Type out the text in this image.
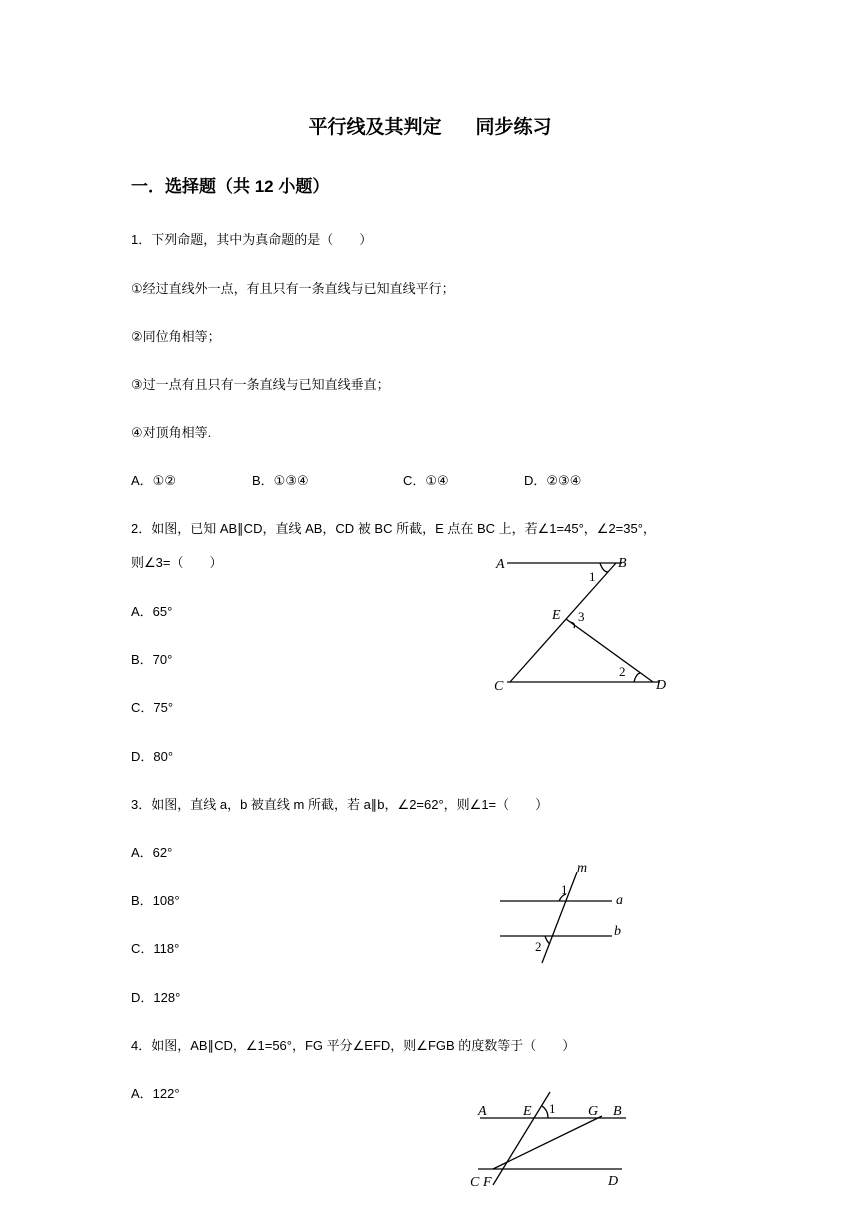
平行线及其判定 同步练习
一．选择题（共 12 小题）
1．下列命题，其中为真命题的是（　　）
①经过直线外一点，有且只有一条直线与已知直线平行；
②同位角相等；
③过一点有且只有一条直线与已知直线垂直；
④对顶角相等.
A．①②	B．①③④	C．①④	D．②③④
2．如图，已知 AB∥CD，直线 AB，CD 被 BC 所截，E 点在 BC 上，若∠1=45°，∠2=35°，
则∠3=（　　）
A．65°
B．70°
C．75°
D．80°
A	B
1
E 3
2
C	D
3．如图，直线 a，b 被直线 m 所截，若 a∥b，∠2=62°，则∠1=（　　）
A．62°
B．108°
C．118°
D．128°
m
1
a
b
2
4．如图，AB∥CD，∠1=56°，FG 平分∠EFD，则∠FGB 的度数等于（　　）
A．122°
A	E 1 G B
C F	D
